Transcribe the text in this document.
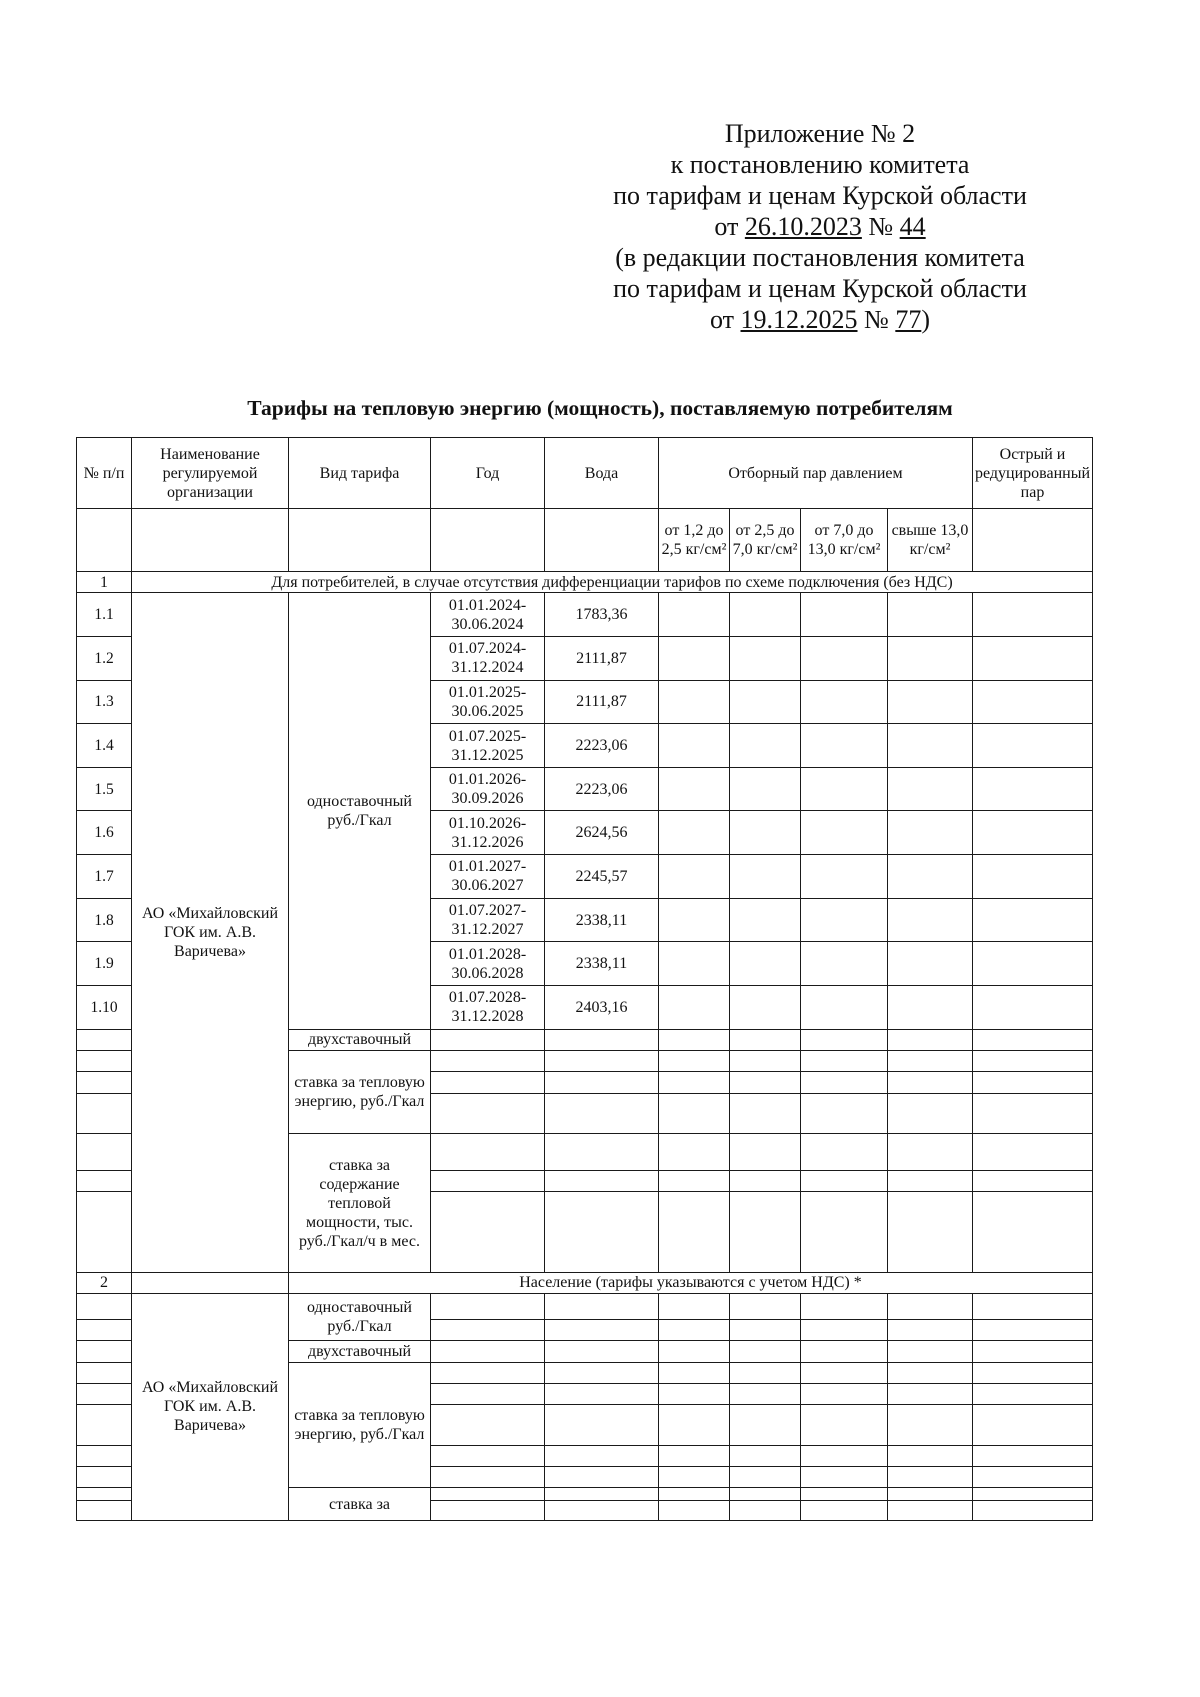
Приложение № 2
к постановлению комитета
по тарифам и ценам Курской области
от 26.10.2023 № 44
(в редакции постановления комитета
по тарифам и ценам Курской области
от 19.12.2025 № 77)
Тарифы на тепловую энергию (мощность), поставляемую потребителям
№ п/п	Наименование регулируемой организации	Вид тарифа	Год	Вода	Отборный пар давлением				Острый и редуцированный пар
					от 1,2 до 2,5 кг/см²	от 2,5 до 7,0 кг/см²	от 7,0 до 13,0 кг/см²	свыше 13,0 кг/см²	
1	Для потребителей, в случае отсутствия дифференциации тарифов по схеме подключения (без НДС)								
1.1	АО «Михайловский ГОК им. А.В. Варичева»	одноставочный руб./Гкал	01.01.2024-30.06.2024	1783,36					
1.2			01.07.2024-31.12.2024	2111,87					
1.3			01.01.2025-30.06.2025	2111,87					
1.4			01.07.2025-31.12.2025	2223,06					
1.5			01.01.2026-30.09.2026	2223,06					
1.6			01.10.2026-31.12.2026	2624,56					
1.7			01.01.2027-30.06.2027	2245,57					
1.8			01.07.2027-31.12.2027	2338,11					
1.9			01.01.2028-30.06.2028	2338,11					
1.10			01.07.2028-31.12.2028	2403,16					
		двухставочный							
		ставка за тепловую энергию, руб./Гкал							

		ставка за содержание тепловой мощности, тыс. руб./Гкал/ч в мес.							

2		Население (тарифы указываются с учетом НДС) *							
	АО «Михайловский ГОК им. А.В. Варичева»	одноставочный руб./Гкал							

		двухставочный							
		ставка за тепловую энергию, руб./Гкал							

		ставка за							
